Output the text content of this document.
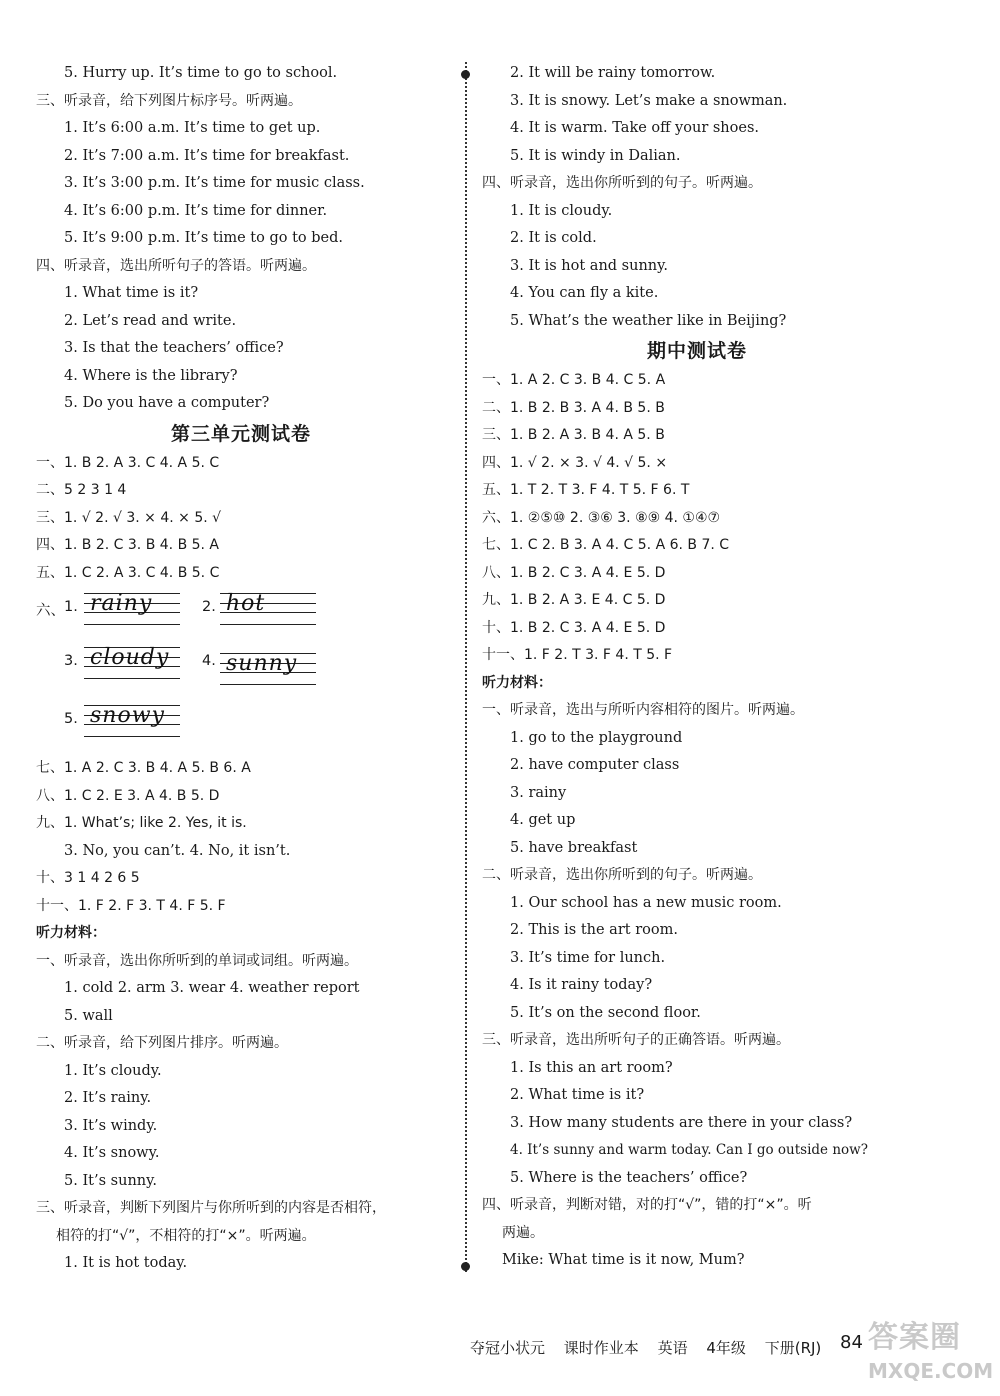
5. Hurry up. It’s time to go to school.
三、听录音，给下列图片标序号。听两遍。
1. It’s 6:00 a.m. It’s time to get up.
2. It’s 7:00 a.m. It’s time for breakfast.
3. It’s 3:00 p.m. It’s time for music class.
4. It’s 6:00 p.m. It’s time for dinner.
5. It’s 9:00 p.m. It’s time to go to bed.
四、听录音，选出所听句子的答语。听两遍。
1. What time is it?
2. Let’s read and write.
3. Is that the teachers’ office?
4. Where is the library?
5. Do you have a computer?
第三单元测试卷
一、1. B 2. A 3. C 4. A 5. C
二、5 2 3 1 4
三、1. √ 2. √ 3. × 4. × 5. √
四、1. B 2. C 3. B 4. B 5. A
五、1. C 2. A 3. C 4. B 5. C
六、 1. rainy	2. hot
3. cloudy 4. sunny
5. snowy
七、1. A 2. C 3. B 4. A 5. B 6. A
八、1. C 2. E 3. A 4. B 5. D
九、1. What’s; like 2. Yes, it is.
3. No, you can’t. 4. No, it isn’t.
十、3 1 4 2 6 5
十一、1. F 2. F 3. T 4. F 5. F
听力材料：
一、听录音，选出你所听到的单词或词组。听两遍。
1. cold 2. arm 3. wear 4. weather report
5. wall
二、听录音，给下列图片排序。听两遍。
1. It’s cloudy.
2. It’s rainy.
3. It’s windy.
4. It’s snowy.
5. It’s sunny.
三、听录音，判断下列图片与你所听到的内容是否相符，
相符的打“√”，不相符的打“×”。听两遍。
1. It is hot today.
2. It will be rainy tomorrow.
3. It is snowy. Let’s make a snowman.
4. It is warm. Take off your shoes.
5. It is windy in Dalian.
四、听录音，选出你所听到的句子。听两遍。
1. It is cloudy.
2. It is cold.
3. It is hot and sunny.
4. You can fly a kite.
5. What’s the weather like in Beijing?
期中测试卷
一、1. A 2. C 3. B 4. C 5. A
二、1. B 2. B 3. A 4. B 5. B
三、1. B 2. A 3. B 4. A 5. B
四、1. √ 2. × 3. √ 4. √ 5. ×
五、1. T 2. T 3. F 4. T 5. F 6. T
六、1. ②⑤⑩ 2. ③⑥ 3. ⑧⑨ 4. ①④⑦
七、1. C 2. B 3. A 4. C 5. A 6. B 7. C
八、1. B 2. C 3. A 4. E 5. D
九、1. B 2. A 3. E 4. C 5. D
十、1. B 2. C 3. A 4. E 5. D
十一、1. F 2. T 3. F 4. T 5. F
听力材料：
一、听录音，选出与所听内容相符的图片。听两遍。
1. go to the playground
2. have computer class
3. rainy
4. get up
5. have breakfast
二、听录音，选出你所听到的句子。听两遍。
1. Our school has a new music room.
2. This is the art room.
3. It’s time for lunch.
4. Is it rainy today?
5. It’s on the second floor.
三、听录音，选出所听句子的正确答语。听两遍。
1. Is this an art room?
2. What time is it?
3. How many students are there in your class?
4. It’s sunny and warm today. Can I go outside now?
5. Where is the teachers’ office?
四、听录音，判断对错，对的打“√”，错的打“×”。听
两遍。
Mike: What time is it now, Mum?
夺冠小状元 课时作业本 英语 4年级 下册(RJ)	84 答案圈
MXQE.COM
